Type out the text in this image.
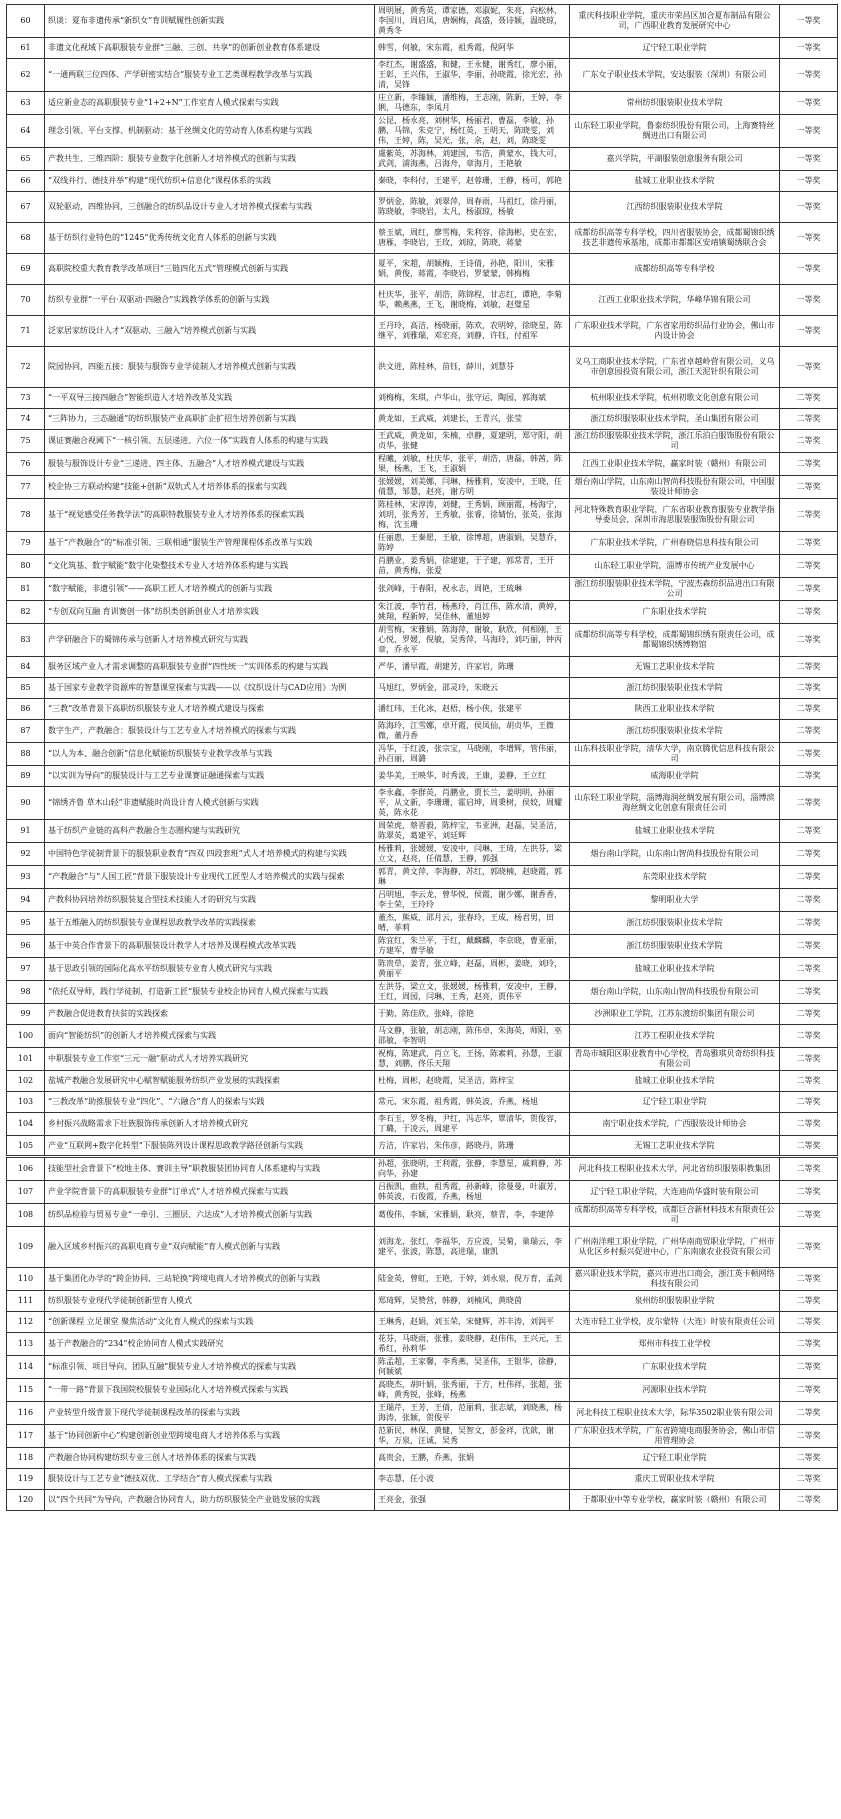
60	织谈：夏布非遗传承“新织女”育训赋履性创新实践	周明展，黄秀英，谭家德，邓淑妮，朱亮，向松林，李国川，周启凤，唐娴梅，高盛，聂诗颖，温晓琼，黄秀冬	重庆科技职业学院，重庆市荣昌区加合夏布制品有限公司，广西职业教育发展研究中心	一等奖
61	非遗文化视域下高职服装专业群“三融、三创、共享”的创新创业教育体系建设	韩雪，何敏，宋东霞，祖秀霞，倪阿华	辽宁轻工职业学院	一等奖
62	“一通两联三位四体、产学研密实结合”服装专业工艺类课程教学改革与实践	李红杰，谢盛盛，和健，王永健，谢秀红，廖小丽，王彰，王兴伟，王淑华，李丽，孙晓霞，徐光宏，孙清，吴锋	广东女子职业技术学院，安达服装（深圳）有限公司	一等奖
63	适应新业态的高职服装专业“1+2+N”工作室育人模式探索与实践	庄立新，李臻颖，潘维梅，王志刚，陈新，王婷，李俐，马德东，李凤月	常州纺织服装职业技术学院	一等奖
64	理念引领、平台支撑、机制驱动：基于丝绸文化的劳动育人体系构建与实践	公昆，杨永亮，刘树华，杨丽君，曹磊，李敏，孙鹏，马锦，朱克宁，杨红英，王明天，陈晓雯，刘伟，王婷，陈，吴光，张，余，赵，刘，陈晓雯	山东轻工职业学院，鲁泰纺织股份有限公司，上海赛特丝绸进出口有限公司	一等奖
65	产教共生、三维四阶：服装专业数字化创新人才培养模式的创新与实践	虞紫英，苏海林，刘建国，韦浩，黄蒙水，钱大可，武剑，浦海燕，吕海舟，章海月，王艳敏	嘉兴学院，平湖服装创意服务有限公司	一等奖
66	“双线并行、德技并举”构建“现代纺织+信息化”课程体系的实践	秦晓，李科付，王建平，赵蓉珊，王静，杨可，郭艳	盐城工业职业技术学院	一等奖
67	双轮驱动，四维协同，三创融合的纺织品设计专业人才培养模式探索与实践	罗炳金，陈敏，刘翠萍，周春雨，马祖红，徐丹丽，陈晓敏，李晓岩，太凡，杨淑琼，杨敏	江西纺织服装职业技术学院	一等奖
68	基于纺织行业特色的“1245”优秀传统文化育人体系的创新与实践	蔡玉斌，周红，廖雪梅，朱利容，徐海彬，史在宏，唐雁，李晓岩，王玫，刘琼，陈晓，蒋蒙	成都纺织高等专科学校，四川省服装协会，成都蜀锦织绣技艺非遗传承基地，成都市都都区安靖镇蜀绣联合会	一等奖
69	高职院校重大教育教学改革项目“三链四化五式”管理模式创新与实践	夏平，宋超，胡颖梅，王诗倩，孙艳，阳川，宋雅娟，黄俊，蒋霞，李晓岩，罗蒙蒙，韩梅梅	成都纺织高等专科学校	一等奖
70	纺织专业群“一平台·双驱动·四融合”实践教学体系的创新与实践	杜庆华，张平，胡浩，陈锦程，甘志红，谭艳，李菊华，赖燕燕，王飞，谢晓梅，刘敏，赵璧星	江西工业职业技术学院，华峰华锦有限公司	一等奖
71	泛家居家纺设计人才“双驱动、三融入”培养模式创新与实践	王丹玲，高洁，杨晓丽，陈欢，农明婷，徐晓星，陈继平，刘雅瑞，邓宏亮，刘静，许钰，付祖军	广东职业技术学院，广东省家用纺织品行业协会，佛山市内设计协会	一等奖
72	院园协同，四能五接：服装与服饰专业学徒制人才培养模式创新与实践	洪文进，陈桂林，苗钰，薛川，刘慧芬	义乌工商职业技术学院，广东省卓越岭营有限公司，义乌市创意园投资有限公司，浙江天泥针织有限公司	一等奖
73	“一平双导三接四融合”智能织造人才培养改革及实践	刘梅梅，朱琪，卢华山，张守运，陶园，郭海斌	杭州职业技术学院，杭州初歌文化创意有限公司	二等奖
74	“三阵协力，三态融通”的纺织服装产业高职扩企扩招生培养创新与实践	黄龙如，王武威，刘建长，王青兴，张莹	浙江纺织服装职业技术学院，圣山集团有限公司	二等奖
75	课证赛融合视阈下“一核引领、五层递进、六位一体”实践育人体系的构建与实践	王武威，黄龙如，朱楠，卓静，夏建明，郑守阳，胡贞华，张健	浙江纺织服装职业技术学院，浙江乐泊白服饰股份有限公司	二等奖
76	服装与服饰设计专业“三递进、四主体、五融合”人才培养模式建设与实践	程曦，刘敏，杜庆华，张平，胡浩，唐磊，韩茜，陈果，杨燕，王飞，王淑娟	江西工业职业技术学院，赢家时装（赣州）有限公司	二等奖
77	校企协三方联动构建“技能+创新”双轨式人才培养体系的探索与实践	张媛媛，刘美娜，闫琳，杨雅莉，安凌中，王晓，任倩慧，邹慧，赵亮，谢方明	烟台南山学院，山东南山智尚科技股份有限公司，中国服装设计师协会	二等奖
78	基于“视觉感受任务教学法”的高职特教服装专业人才培养体系的探索实践	陈桂林，宋淳涛，刘健，王秀娟，顾丽霞，杨海宁，刘玥，张秀芳，王秀敏，张睿，徐婧怡，张英，张海梅，沈玉珊	河北特殊教育职业学院，广东省职业教育服装专业教学指导委员会，深圳市海思服装服饰股份有限公司	二等奖
79	基于“产教融合”的“标准引领、三联相通”服装生产管理课程体系改革与实践	任丽惠，王秦愿，王敏，徐博超，唐淑娟，吴慧乔，陈婷	广东职业技术学院，广州春晓信息科技有限公司	二等奖
80	“文化筑基、数字赋能”数字化染整技术专业人才培养体系构建与实践	肖鹏业，姜秀娟，徐建建，于子建，郭常青，王开苗，黄秀梅，张爱	山东轻工职业学院，淄博市传统产业发展中心	二等奖
81	“数字赋能，非遗引领”——高职工匠人才培养模式的创新与实践	张剑峰，于春阳，祝永志，周艳，王琉琳	浙江纺织服装职业技术学院，宁波杰森纺织品进出口有限公司	二等奖
82	“专创双向互融 育训赛创一体”纺织类创新创业人才培养实践	朱江波，李竹君，杨燕玲，肖江伟，陈水清，黄婷，姚翔，程新婷，吴佳林，董旭婷	广东职业技术学院	二等奖
83	产学研融合下的蜀锦传承与创新人才培养模式研究与实践	胡雪梅，宋雅娟，陈海萍，谢敏，耿欣，何相刚，王心悦，罗媛，倪敏，吴秀萍，马海玲，刘巧丽，钟丙章，乔永平	成都纺织高等专科学校，成都蜀锦织绣有限责任公司，成都蜀锦织绣博物馆	二等奖
84	服务区域产业人才需求调整的高职服装专业群“四性统一”实训体系的构建与实践	严华，潘早霞，胡建芳，许家岩，陈珊	无锡工艺职业技术学院	二等奖
85	基于国家专业教学资源库的智慧课堂探索与实践——以《纹织设计与CAD应用》为例	马旭红，罗炳金，邵灵玲，朱晓云	浙江纺织服装职业技术学院	二等奖
86	“三教”改革背景下高职纺织服装专业人才培养模式建设与探索	潘红玮，王化冰，赵梧，杨小侠，张建平	陕西工业职业技术学院	二等奖
87	数字生产，产教融合：服装设计与工艺专业人才培养模式的探索与实践	陈海玲，江雪娜，卓开霞，侯凤仙，胡贞华，王微微，董丹香	浙江纺织服装职业技术学院	二等奖
88	“以人为本、融合创新”信息化赋能纺织服装专业教学改革与实践	冯华，于红波，张宗宝，马晓刚，李增辉，管伟丽，孙百丽，周潞	山东科技职业学院，清华大学，南京腾优信息科技有限公司	二等奖
89	“以实训为导向”的服装设计与工艺专业课赛证融通探索与实践	姜华美，王映华，时秀波，王康，姜静，王立红	威海职业学院	二等奖
90	“锦绣齐鲁 草木山轻”非遗赋能时尚设计育人模式创新与实践	李永鑫，李群英，肖鹏业，贾长兰，姜明明，孙丽平，从文新，李珊珊，霍启坤，周秉树，侯姣，周耀英，陈永花	山东轻工职业学院，淄博海润丝绸发展有限公司，淄博滨海丝绸文化创意有限责任公司	二等奖
91	基于纺织产业链的高科产教融合生态圈构建与实践研究	周荣虎，蔡晋毅，陈梓宝，韦亚洲，赵磊，吴圣洁，陈翠英，葛建平，刘廷辉	盐城工业职业技术学院	二等奖
92	中国特色学徒制背景下的服装职业教育“四双 四段套班”式人才培养模式的构建与实践	杨雅莉，张媛媛，安凌中，闫琳，王琦，左洪芬，梁立文，赵亮，任倩慧，王静，郭强	烟台南山学院，山东南山智尚科技股份有限公司	二等奖
93	“产教融合”与“人国工匠”背景下服装设计专业现代工匠型人才培养模式的实践与探索	郭青，黄文萍，李海静，苏红，郭晓楠，赵晓霞，郭琳	东莞职业技术学院	二等奖
94	产教科协同培养纺织服装复合型技术技能人才的研究与实践	吕明旭，李云龙，曾华悦，侯霞，谢少娜，谢香香，李士荣，王玲玲	黎明职业大学	二等奖
95	基于五维融入的纺织服装专业课程思政教学改革的实践探索	董杰，熊威，邵月云，张春玲，王成，杨君男，田晴，菲莉	浙江纺织服装职业技术学院	二等奖
96	基于中英合作背景下的高职服装设计教学人才培养及课程模式改革实践	陈宜红，朱兰平，于红，戴麟麟，李京晓，曹亚丽，方建军，曹学敏	浙江纺织服装职业技术学院	二等奖
97	基于思政引领的国际化高水平纺织服装专业育人模式研究与实践	陈贵草，姜青，张立峰，赵磊，周彬，姜晓，刘玲，黄丽平	盐城工业职业技术学院	二等奖
98	“依托双导师，践行学徒制，打造新工匠”服装专业校企协同育人模式探索与实践	左洪芬，梁立文，张媛媛，杨雅莉，安凌中，王静，王红，周园，闫琳，王秀，赵亮，贾伟平	烟台南山学院，山东南山智尚科技股份有限公司	二等奖
99	产教融合促进教育扶贫的实践探索	于勤，陈佳欣，张峰，徐艳	沙洲职业工学院，江苏东渡纺织集团有限公司	二等奖
100	面向“智能纺织”的创新人才培养模式探索与实践	马文静，张敏，胡志刚，陈伟卓，朱海英，师阳，巫邵敏，李智明	江苏工程职业技术学院	二等奖
101	中职服装专业工作室“三元一融”驱动式人才培养实践研究	祝梅，陈建武，肖立飞，王扬，陈素莉，孙慧，王淑慧，刘鹏，佟乐天翔	青岛市城阳区职业教育中心学校，青岛雅琪贝奇纺织科技有限公司	二等奖
102	盐城产教融合发展研究中心赋智赋能服务纺织产业发展的实践探索	杜梅，周彬，赵晓霞，吴圣洁，陈梓宝	盐城工业职业技术学院	二等奖
103	“三教改革”助推服装专业“四化”、“六融合”育人的探索与实践	常元，宋东霞，祖秀霞，韩英波，乔燕，杨旭	辽宁轻工职业学院	二等奖
104	乡村振兴战略需求下壮族服饰传承创新人才培养模式研究	李石玉，罗冬梅，尹红，冯志华，覃清华，贺俊容，丁璐，于凌云，周建平	南宁职业技术学院，广西服装设计师协会	二等奖
105	产业“互联网+数字化转型”下服装陈列设计课程思政教学路径创新与实践	方洁，许家岩，朱伟彦，路晓丹，陈珊	无锡工艺职业技术学院	二等奖
106	技能型社会背景下“校地主体、赛训主导”职教服装团协同育人体系建构与实践	孙超，张晓明，王利霞，张静，李慧星，戚莉静，苏向华，孙建	河北科技工程职业技术大学，河北省纺织服装职教集团	二等奖
107	产业学院背景下的高职服装专业群“订单式”人才培养模式探索与实践	吕振凯，曲铁，祖秀霞，孙新峰，徐曼曼，叶淑芳，韩英波，石俊霞，乔燕，杨旭	辽宁轻工职业学院，大连迪尚华盛时装有限公司	二等奖
108	纺织品检验与贸易专业“一牵引、三圈层、六达成”人才培养模式创新与实践	葛俊伟，李颖，宋雅娟，耿亮，蔡青，李，李建萍	成都纺织高等专科学校，成都巨合新材料技术有限责任公司	二等奖
109	融入区域乡村振兴的高职电商专业“双向赋能”育人模式创新与实践	刘海龙，张红，李福华，方应波，吴菊，巢瑞云，李建平，张波，陈慧，高进瑞，康凯	广州南洋理工职业学院，广州华南商贸职业学院，广州市从化区乡村振兴促进中心，广东南康农业投资有限公司	二等奖
110	基于集团化办学的“跨企协同、三站轮换”跨境电商人才培养模式的创新与实践	陆金英，曾虹，王艳，于婷，刘永泉，倪万育，孟剑	嘉兴职业技术学院，嘉兴市进出口商会，浙江英卡顿网络科技有限公司	二等奖
111	纺织服装专业现代学徒制创新型育人模式	郑琦辉，吴赞营，韩静，刘楠风，黄晓茵	泉州纺织服装职业学院	二等奖
112	“创新课程 立足课堂 聚焦活动”文化育人模式的探索与实践	王琳秀，赵娟，刘玉荣，宋健辉，苏丰涛，刘润平	大连市轻工业学校，皮尔蒙特（大连）时装有限责任公司	二等奖
113	基于产教融合的“234”校企协同育人模式实践研究	花芬，马晓雨，张雅，姜晓静，赵伟伟，王兴元，王希红，孙莉华	郑州市科技工业学校	二等奖
114	“标准引领、项目导向、团队互融”服装专业人才培养模式的探索与实践	陈孟超，王家馨，李秀燕，吴圣伟，王银华，徐静，何颖斌	广东职业技术学院	二等奖
115	“一带一路”背景下我国院校服装专业国际化人才培养模式探索与实践	高晓杰，胡叶娟，张秀丽，于方，杜伟祥，张超，张峰，黄秀锐，张峰，杨燕	河源职业技术学院	二等奖
116	产业转型升级背景下现代学徒制课程改革的探索与实践	王瑞芹，王芳，王倩，范丽莉，张志斌，刘晓燕，杨海涛，张颖，贺俊平	河北科技工程职业技术大学，际华3502职业装有限公司	二等奖
117	基于“协同创新中心”构建创新创业型跨境电商人才培养体系与实践	范新民，林保，黄健，吴智文，彭金祥，沈歆，谢华，万泉，汪诚，吴秀	广东职业技术学院，广东省跨境电商服务协会，佛山市信用管理协会	二等奖
118	产教融合协同构建纺织专业三创人才培养体系的探索与实践	高贵会，王鹏，乔燕，张娟	辽宁轻工职业学院	二等奖
119	服装设计与工艺专业“德技双优、工学结合”育人模式探索与实践	李志慧，任小波	重庆工贸职业技术学院	二等奖
120	以“四个共同”为导向，产教融合协同育人，助力纺织服装全产业链发展的实践	王亮金，张强	于都职业中等专业学校，赢家时装（赣州）有限公司	二等奖
